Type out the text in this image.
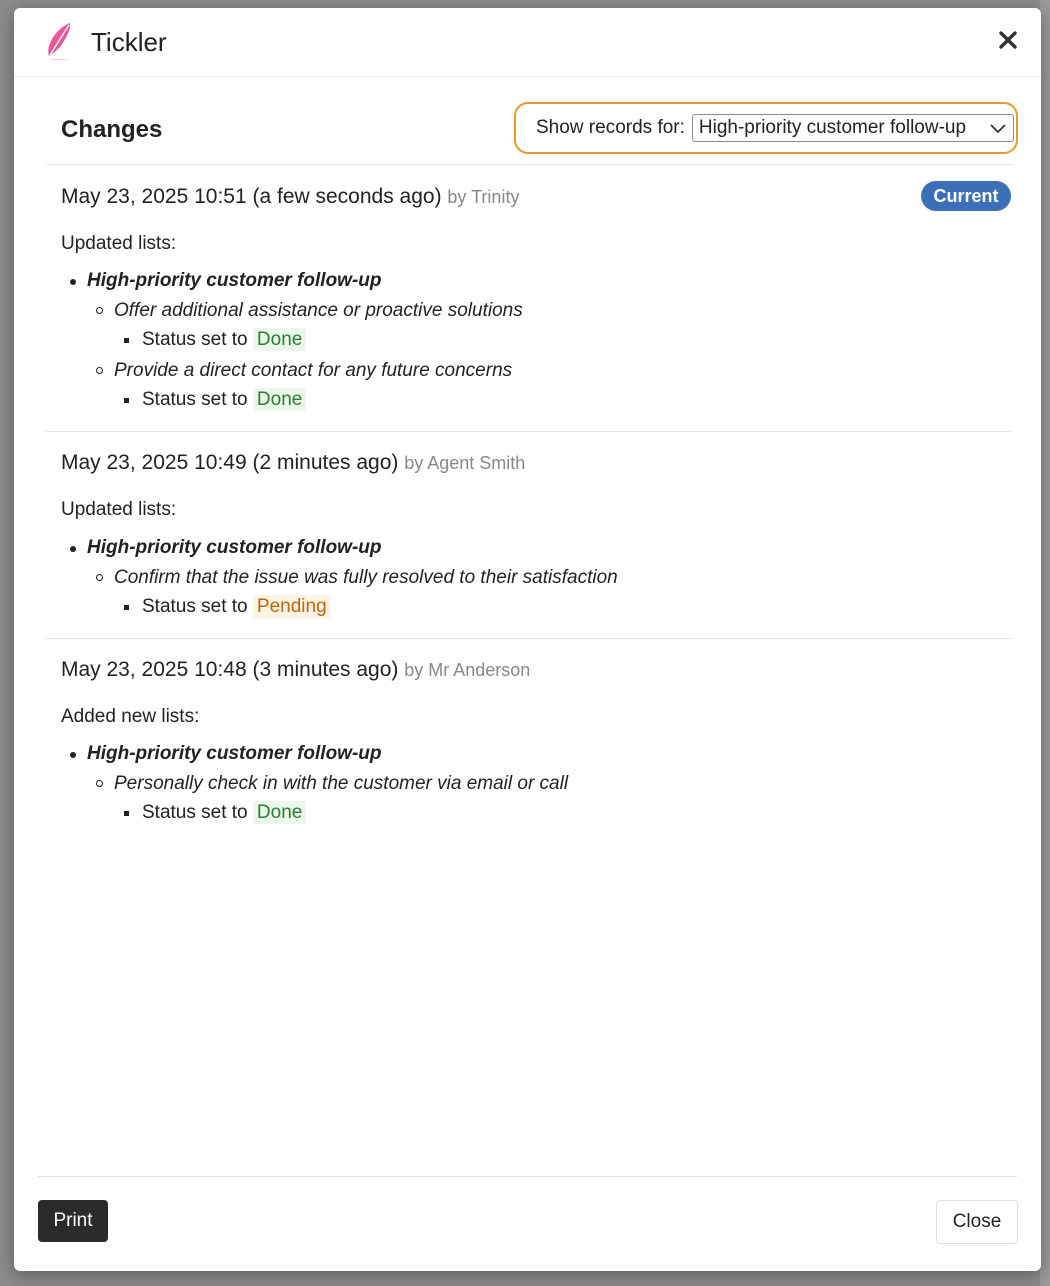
Tickler
Changes	Show records for: High-priority customer follow-up
May 23, 2025 10:51 (a few seconds ago) by Trinity	Current
Updated lists:
High-priority customer follow-up
Offer additional assistance or proactive solutions
Status set to Done
Provide a direct contact for any future concerns
Status set to Done
May 23, 2025 10:49 (2 minutes ago) by Agent Smith
Updated lists:
High-priority customer follow-up
Confirm that the issue was fully resolved to their satisfaction
Status set to Pending
May 23, 2025 10:48 (3 minutes ago) by Mr Anderson
Added new lists:
High-priority customer follow-up
Personally check in with the customer via email or call
Status set to Done
Print	Close
